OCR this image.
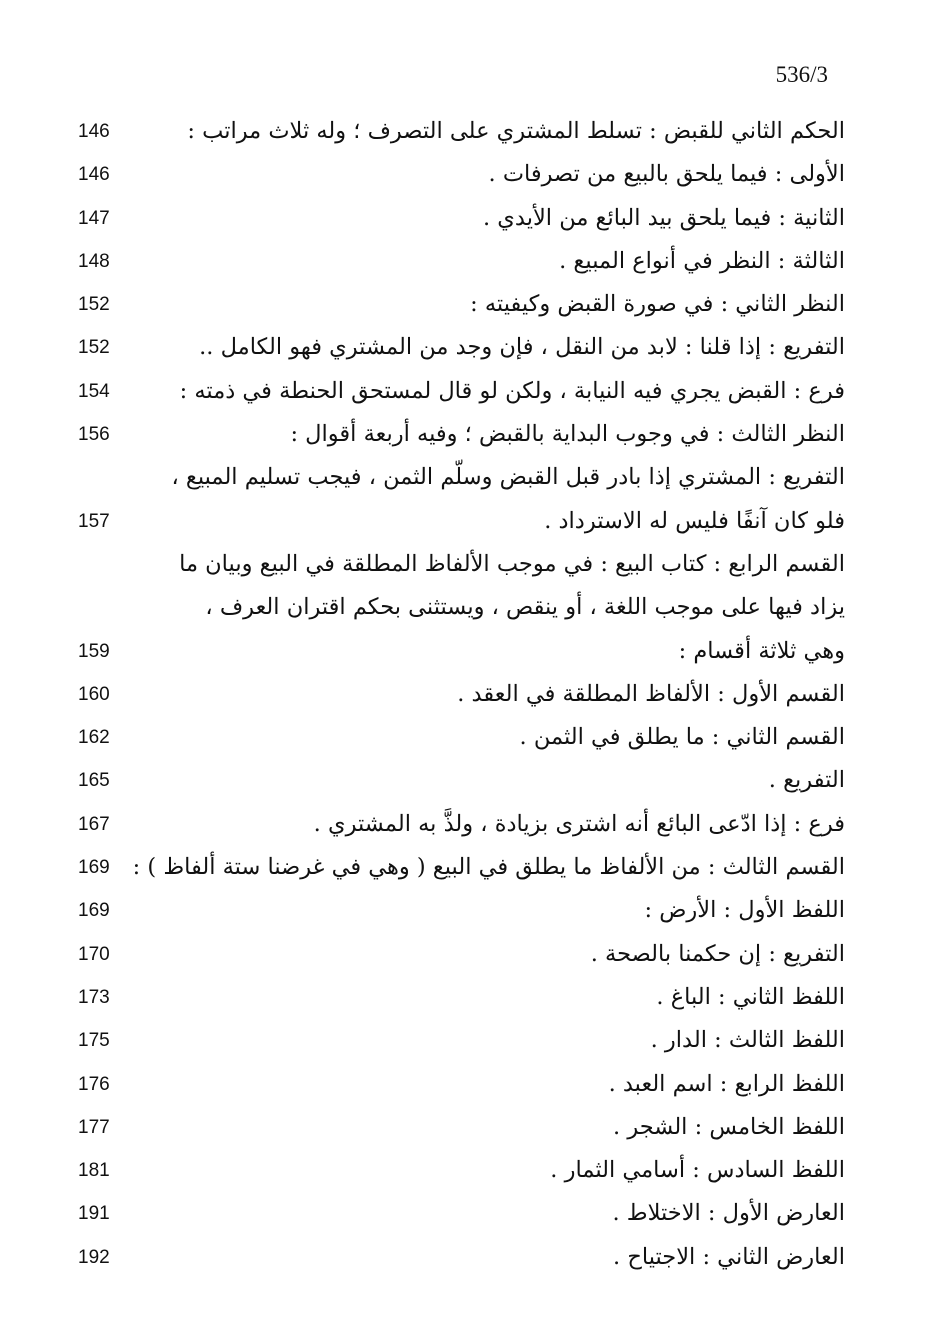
536/3
الحكم الثاني للقبض : تسلط المشتري على التصرف ؛ وله ثلاث مراتب :
146
الأولى : فيما يلحق بالبيع من تصرفات .
146
الثانية : فيما يلحق بيد البائع من الأيدي .
147
الثالثة : النظر في أنواع المبيع .
148
النظر الثاني : في صورة القبض وكيفيته :
152
التفريع : إذا قلنا : لابد من النقل ، فإن وجد من المشتري فهو الكامل ..
152
فرع : القبض يجري فيه النيابة ، ولكن لو قال لمستحق الحنطة في ذمته :
154
النظر الثالث : في وجوب البداية بالقبض ؛ وفيه أربعة أقوال :
156
التفريع : المشتري إذا بادر قبل القبض وسلّم الثمن ، فيجب تسليم المبيع ،
فلو كان آنفًا فليس له الاسترداد .
157
القسم الرابع : كتاب البيع : في موجب الألفاظ المطلقة في البيع وبيان ما
يزاد فيها على موجب اللغة ، أو ينقص ، ويستثنى بحكم اقتران العرف ،
وهي ثلاثة أقسام :
159
القسم الأول : الألفاظ المطلقة في العقد .
160
القسم الثاني : ما يطلق في الثمن .
162
التفريع .
165
فرع : إذا ادّعى البائع أنه اشترى بزيادة ، ولذَّ به المشتري .
167
القسم الثالث : من الألفاظ ما يطلق في البيع ( وهي في غرضنا ستة ألفاظ ) :
169
اللفظ الأول : الأرض :
169
التفريع : إن حكمنا بالصحة .
170
اللفظ الثاني : الباغ .
173
اللفظ الثالث : الدار .
175
اللفظ الرابع : اسم العبد .
176
اللفظ الخامس : الشجر .
177
اللفظ السادس : أسامي الثمار .
181
العارض الأول : الاختلاط .
191
العارض الثاني : الاجتياح .
192
